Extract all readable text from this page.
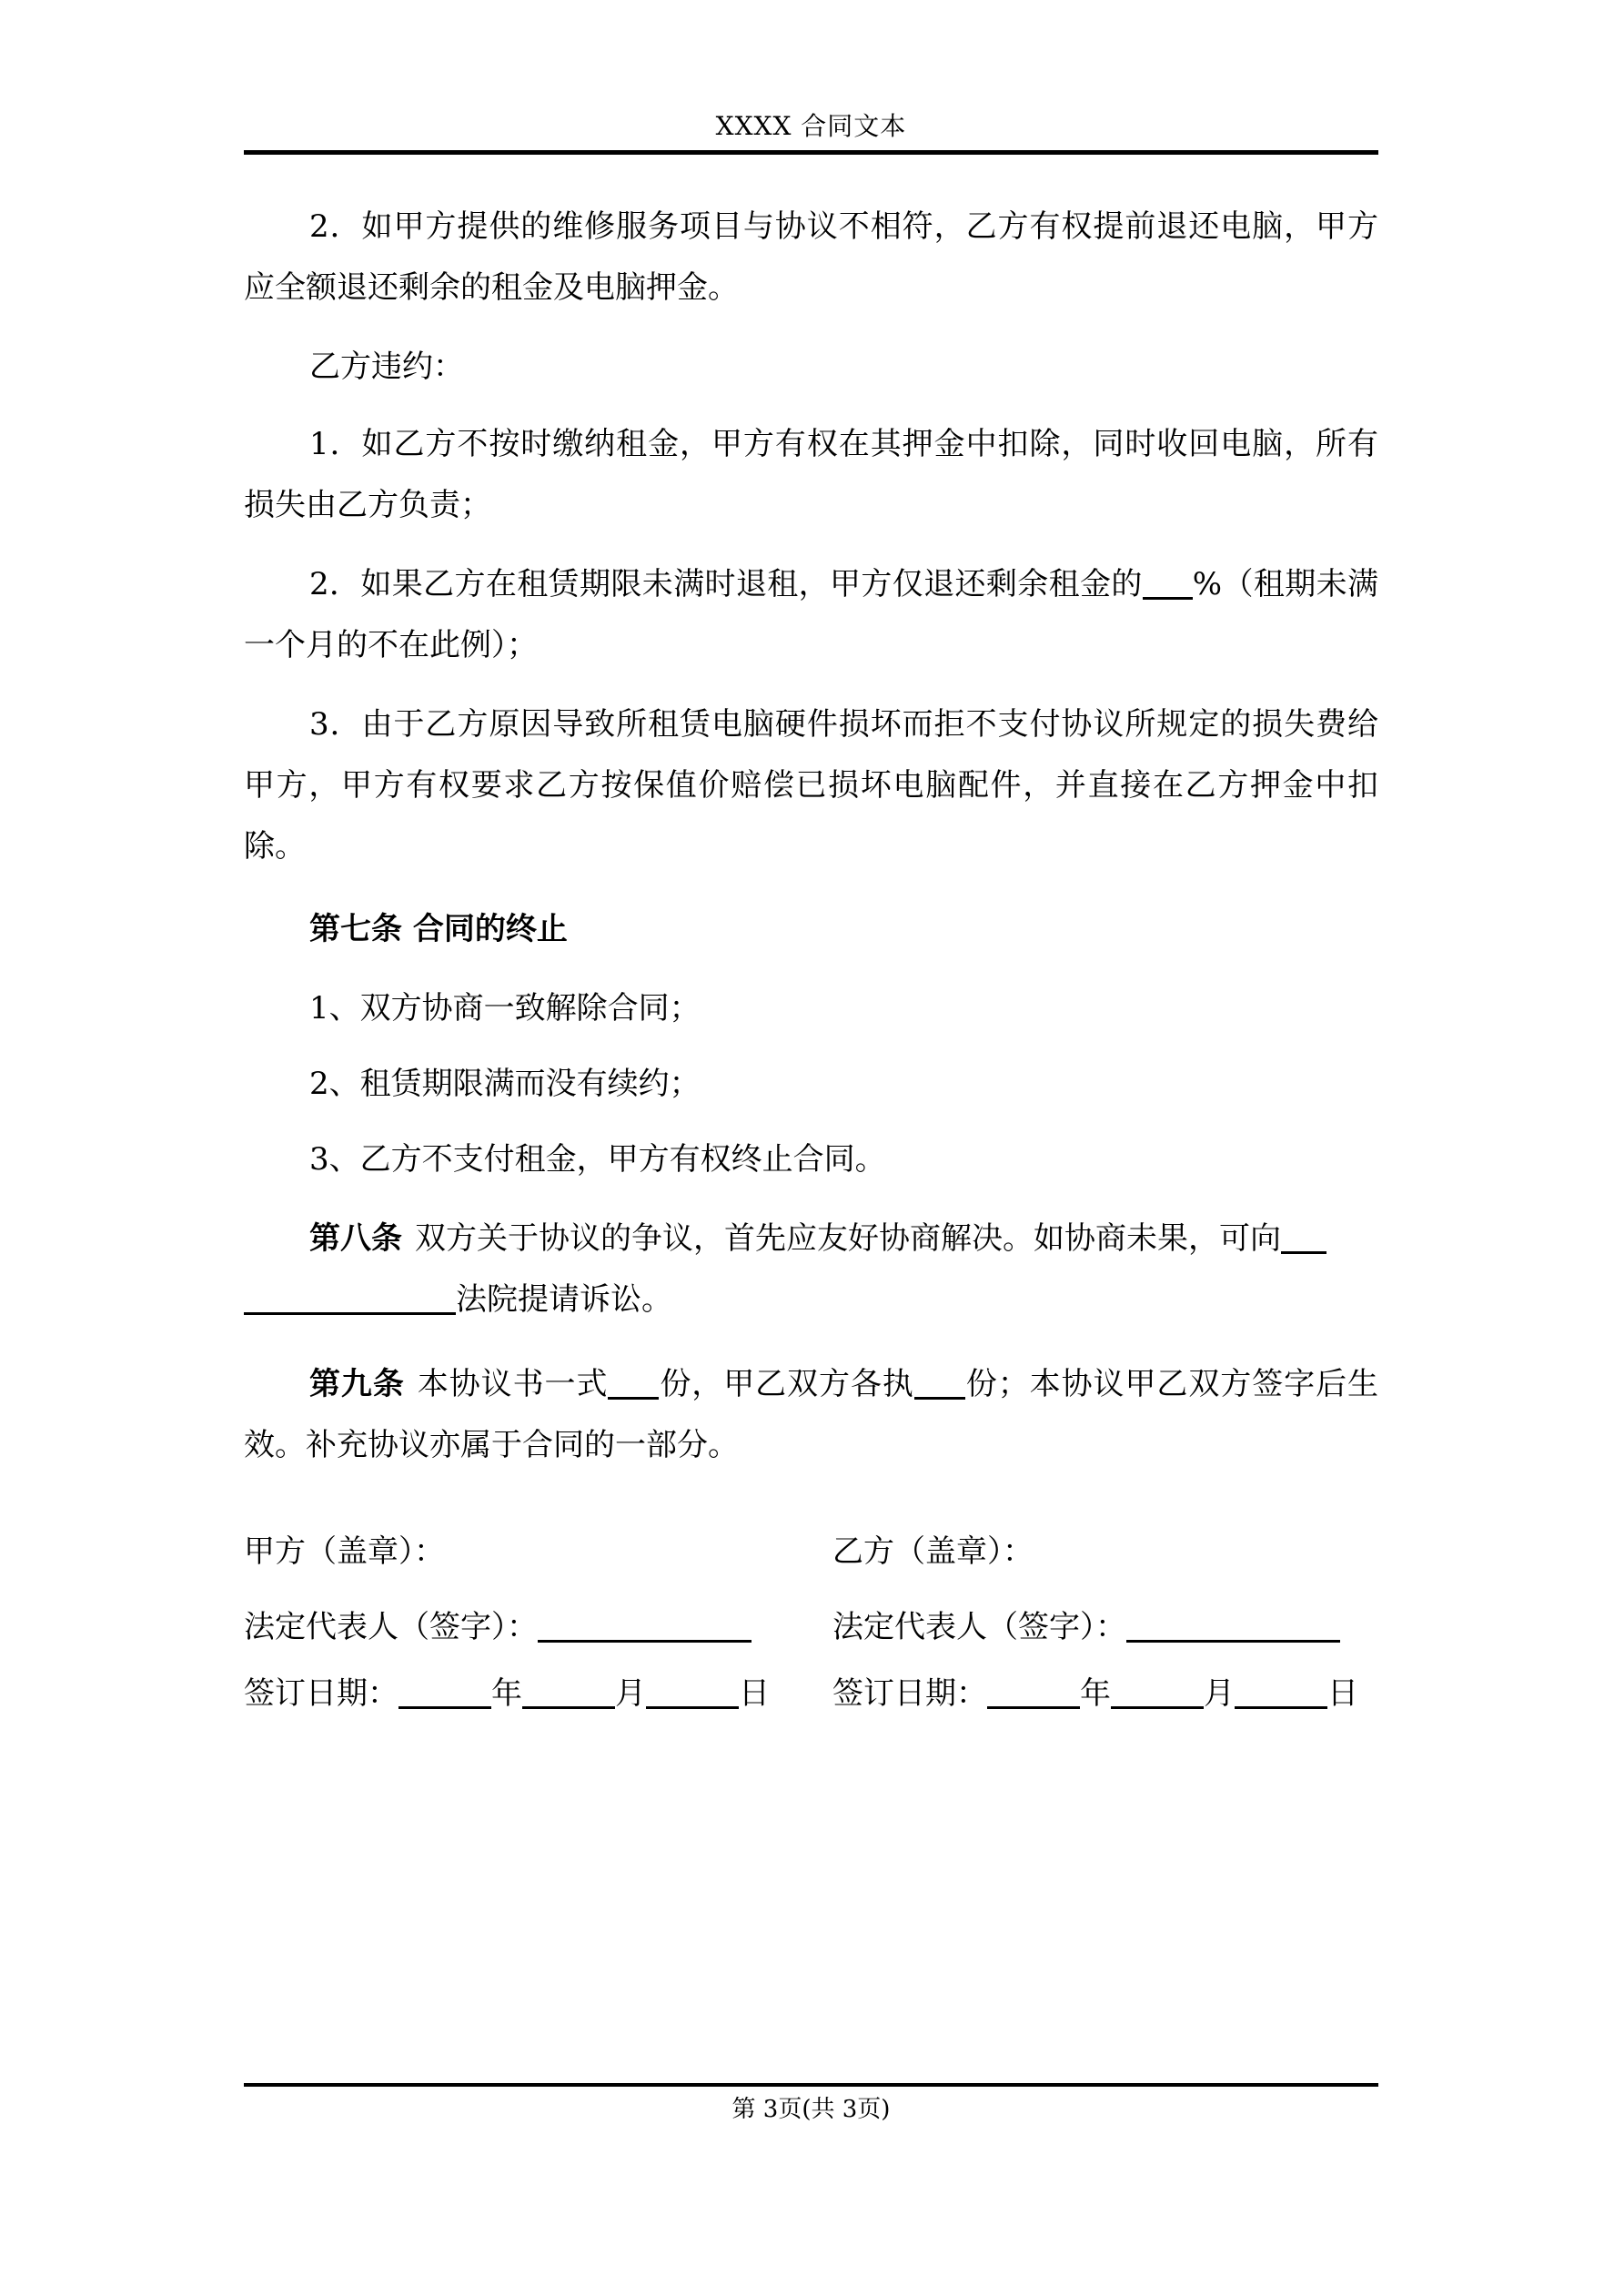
XXXX 合同文本

2．如甲方提供的维修服务项目与协议不相符，乙方有权提前退还电脑，甲方应全额退还剩余的租金及电脑押金。

乙方违约：

1．如乙方不按时缴纳租金，甲方有权在其押金中扣除，同时收回电脑，所有损失由乙方负责；

2．如果乙方在租赁期限未满时退租，甲方仅退还剩余租金的 %（租期未满一个月的不在此例）；

3．由于乙方原因导致所租赁电脑硬件损坏而拒不支付协议所规定的损失费给甲方，甲方有权要求乙方按保值价赔偿已损坏电脑配件，并直接在乙方押金中扣除。

第七条 合同的终止

1、双方协商一致解除合同；

2、租赁期限满而没有续约；

3、乙方不支付租金，甲方有权终止合同。

第八条 双方关于协议的争议，首先应友好协商解决。如协商未果，可向
法院提请诉讼。

第九条 本协议书一式 份，甲乙双方各执 份；本协议甲乙双方签字后生效。补充协议亦属于合同的一部分。

甲方（盖章）：
法定代表人（签字）：
签订日期：	年	月	日
乙方（盖章）：
法定代表人（签字）：
签订日期：	年	月	日
第 3页(共 3页)
